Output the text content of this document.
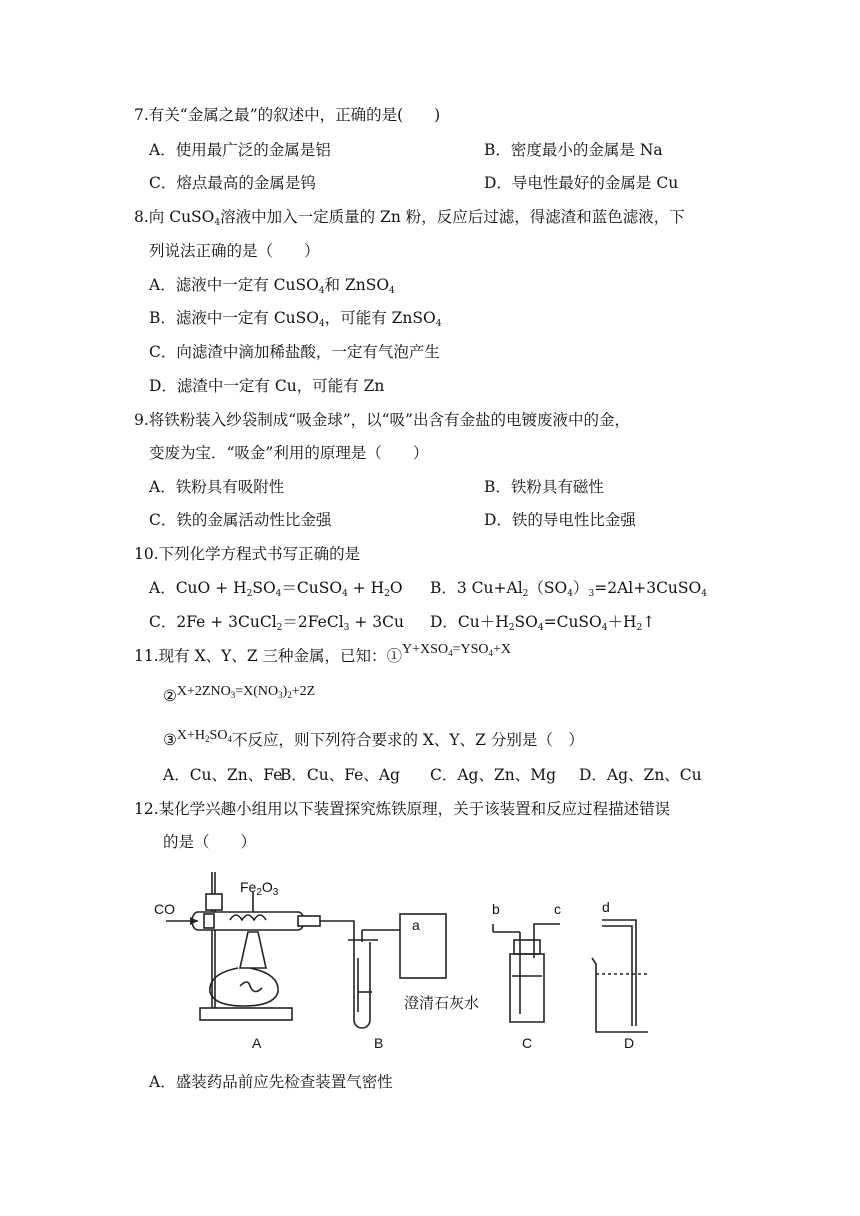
7.有关“金属之最”的叙述中，正确的是(　　)
A．使用最广泛的金属是铝	B．密度最小的金属是 Na
C．熔点最高的金属是钨	D．导电性最好的金属是 Cu
8.向 CuSO$_4$溶液中加入一定质量的 Zn 粉，反应后过滤，得滤渣和蓝色滤液，下
列说法正确的是（　　）
A．滤液中一定有 CuSO$_4$和 ZnSO$_4$
B．滤液中一定有 CuSO$_4$，可能有 ZnSO$_4$
C．向滤渣中滴加稀盐酸，一定有气泡产生
D．滤渣中一定有 Cu，可能有 Zn
9.将铁粉装入纱袋制成“吸金球”，以“吸”出含有金盐的电镀废液中的金，
变废为宝．“吸金”利用的原理是（　　）
A．铁粉具有吸附性	B．铁粉具有磁性
C．铁的金属活动性比金强	D．铁的导电性比金强
10.下列化学方程式书写正确的是
A．CuO + $H_2SO_4=CuSO_4 + H_2O$ B．3 $Cu+Al_2(SO_4)_3=2Al+3CuSO_4$
C．2Fe + 3CuCl$_2$＝2FeCl$_3$ + 3Cu D．$Cu+H_2SO_4=CuSO_4+H_2↑$
11.现有 X、Y、Z 三种金属，已知：$①Y+XSO_4=YSO_4+X$
$②X+2ZNO_3=X(NO_3)_2+2Z$
$③X+H_2SO_4$不反应，则下列符合要求的 X、Y、Z 分别是（　）
A．Cu、Zn、Fe
B．Cu、Fe、Ag C．Ag、Zn、Mg D．Ag、Zn、Cu
12.某化学兴趣小组用以下装置探究炼铁原理，关于该装置和反应过程描述错误
的是（　　）
CO
$Fe_2O_3$
a
b	c	d
澄清石灰水
A	B	C	D
A．盛装药品前应先检查装置气密性
